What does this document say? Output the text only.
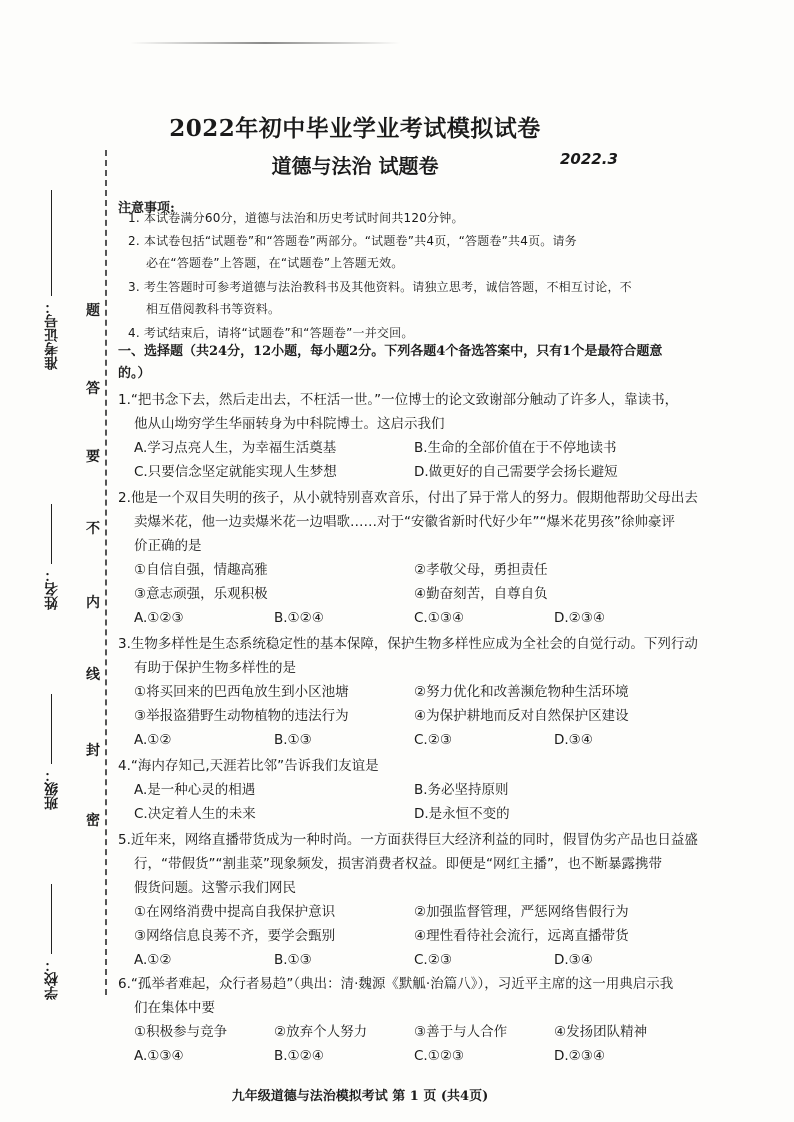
准考证号：
姓名：
班级：
学校：
题
答
要
不
内
线
封
密
2022年初中毕业学业考试模拟试卷
道德与法治 试题卷	2022.3
注意事项:
1. 本试卷满分60分，道德与法治和历史考试时间共120分钟。
2. 本试卷包括“试题卷”和“答题卷”两部分。“试题卷”共4页，“答题卷”共4页。请务
必在“答题卷”上答题，在“试题卷”上答题无效。
3. 考生答题时可参考道德与法治教科书及其他资料。请独立思考，诚信答题，不相互讨论，不
相互借阅教科书等资料。
4. 考试结束后，请将“试题卷”和“答题卷”一并交回。
一、选择题（共24分，12小题，每小题2分。下列各题4个备选答案中，只有1个是最符合题意
的。）
1.“把书念下去，然后走出去，不枉活一世。”一位博士的论文致谢部分触动了许多人，靠读书，
他从山坳穷学生华丽转身为中科院博士。这启示我们
A.学习点亮人生，为幸福生活奠基	B.生命的全部价值在于不停地读书
C.只要信念坚定就能实现人生梦想	D.做更好的自己需要学会扬长避短
2.他是一个双目失明的孩子，从小就特别喜欢音乐，付出了异于常人的努力。假期他帮助父母出去
卖爆米花，他一边卖爆米花一边唱歌……对于“安徽省新时代好少年”“爆米花男孩”徐帅豪评
价正确的是
①自信自强，情趣高雅	②孝敬父母，勇担责任
③意志顽强，乐观积极	④勤奋刻苦，自尊自负
A.①②③	B.①②④	C.①③④	D.②③④
3.生物多样性是生态系统稳定性的基本保障，保护生物多样性应成为全社会的自觉行动。下列行动
有助于保护生物多样性的是
①将买回来的巴西龟放生到小区池塘	②努力优化和改善濒危物种生活环境
③举报盗猎野生动物植物的违法行为	④为保护耕地而反对自然保护区建设
A.①②	B.①③	C.②③	D.③④
4.“海内存知己,天涯若比邻”告诉我们友谊是
A.是一种心灵的相遇	B.务必坚持原则
C.决定着人生的未来	D.是永恒不变的
5.近年来，网络直播带货成为一种时尚。一方面获得巨大经济利益的同时，假冒伪劣产品也日益盛
行，“带假货”“割韭菜”现象频发，损害消费者权益。即便是“网红主播”，也不断暴露携带
假货问题。这警示我们网民
①在网络消费中提高自我保护意识	②加强监督管理，严惩网络售假行为
③网络信息良莠不齐，要学会甄别	④理性看待社会流行，远离直播带货
A.①②	B.①③	C.②③	D.③④
6.“孤举者难起，众行者易趋”（典出：清·魏源《默觚·治篇八》），习近平主席的这一用典启示我
们在集体中要
①积极参与竞争	②放弃个人努力	③善于与人合作	④发扬团队精神
A.①③④	B.①②④	C.①②③	D.②③④
九年级道德与法治模拟考试 第 1 页 (共4页)
